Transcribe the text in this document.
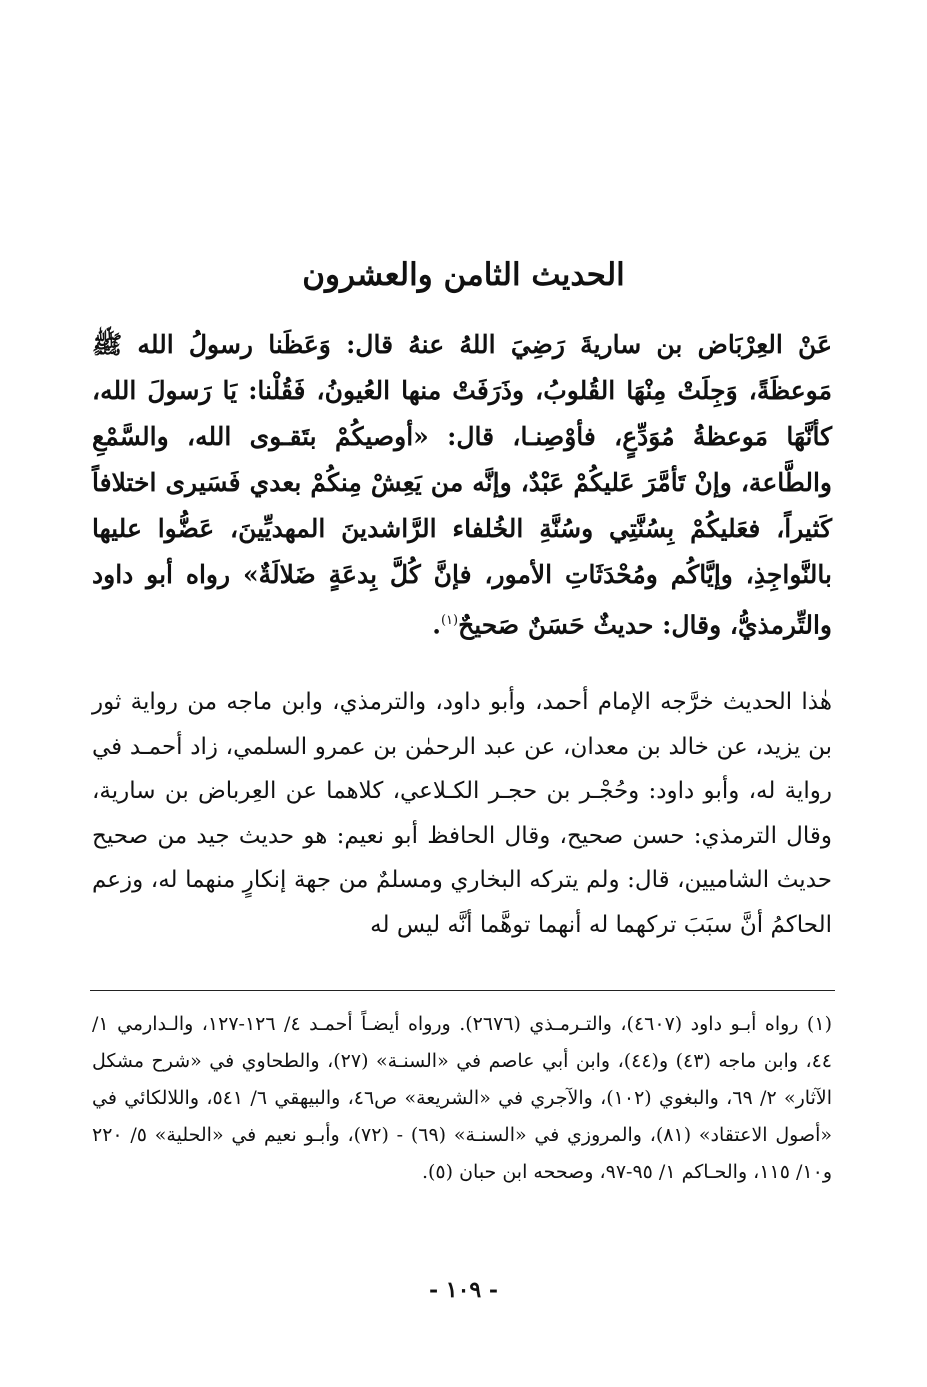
الحديث الثامن والعشرون

عَنْ العِرْبَاض بن ساريةَ رَضِيَ اللهُ عنهُ قال: وَعَظَنا رسولُ الله ﷺ مَوعظَةً، وَجِلَتْ مِنْهَا القُلوبُ، وذَرَفَتْ منها العُيونُ، فَقُلْنا: يَا رَسولَ الله، كأنَّهَا مَوعظةُ مُوَدِّعٍ، فأوْصِنـا، قال: «أوصيكُمْ بتَقـوى الله، والسَّمْعِ والطَّاعة، وإنْ تَأمَّرَ عَليكُمْ عَبْدٌ، وإنَّه من يَعِشْ مِنكُمْ بعدي فَسَيرى اختلافاً كَثيراً، فعَليكُمْ بِسُنَّتِي وسُنَّةِ الخُلفاء الرَّاشدينَ المهديِّينَ، عَضُّوا عليها بالنَّواجِذِ، وإيَّاكُم ومُحْدَثَاتِ الأمور، فإنَّ كُلَّ بِدعَةٍ ضَلالَةٌ» رواه أبو داود والتِّرمذيُّ، وقال: حديثٌ حَسَنٌ صَحيحٌ$^{(١)}$.

هٰذا الحديث خرَّجه الإمام أحمد، وأبو داود، والترمذي، وابن ماجه من رواية ثور بن يزيد، عن خالد بن معدان، عن عبد الرحمٰن بن عمرو السلمي، زاد أحمـد في رواية له، وأبو داود: وحُجْـر بن حجـر الكـلاعي، كلاهما عن العِرباض بن سارية، وقال الترمذي: حسن صحيح، وقال الحافظ أبو نعيم: هو حديث جيد من صحيح حديث الشاميين، قال: ولم يتركه البخاري ومسلمٌ من جهة إنكارٍ منهما له، وزعم الحاكمُ أنَّ سبَبَ تركهما له أنهما توهَّما أنَّه ليس له

(١) رواه أبـو داود (٤٦٠٧)، والتـرمـذي (٢٦٧٦). ورواه أيضـاً أحمـد ٤/ ١٢٦-١٢٧، والـدارمي ١/ ٤٤، وابن ماجه (٤٣) و(٤٤)، وابن أبي عاصم في «السنـة» (٢٧)، والطحاوي في «شرح مشكل الآثار» ٢/ ٦٩، والبغوي (١٠٢)، والآجري في «الشريعة» ص٤٦، والبيهقي ٦/ ٥٤١، واللالكائي في «أصول الاعتقاد» (٨١)، والمروزي في «السنـة» (٦٩) - (٧٢)، وأبـو نعيم في «الحلية» ٥/ ٢٢٠ و١٠/ ١١٥، والحـاكم ١/ ٩٥-٩٧، وصححه ابن حبان (٥).

- ١٠٩ -
